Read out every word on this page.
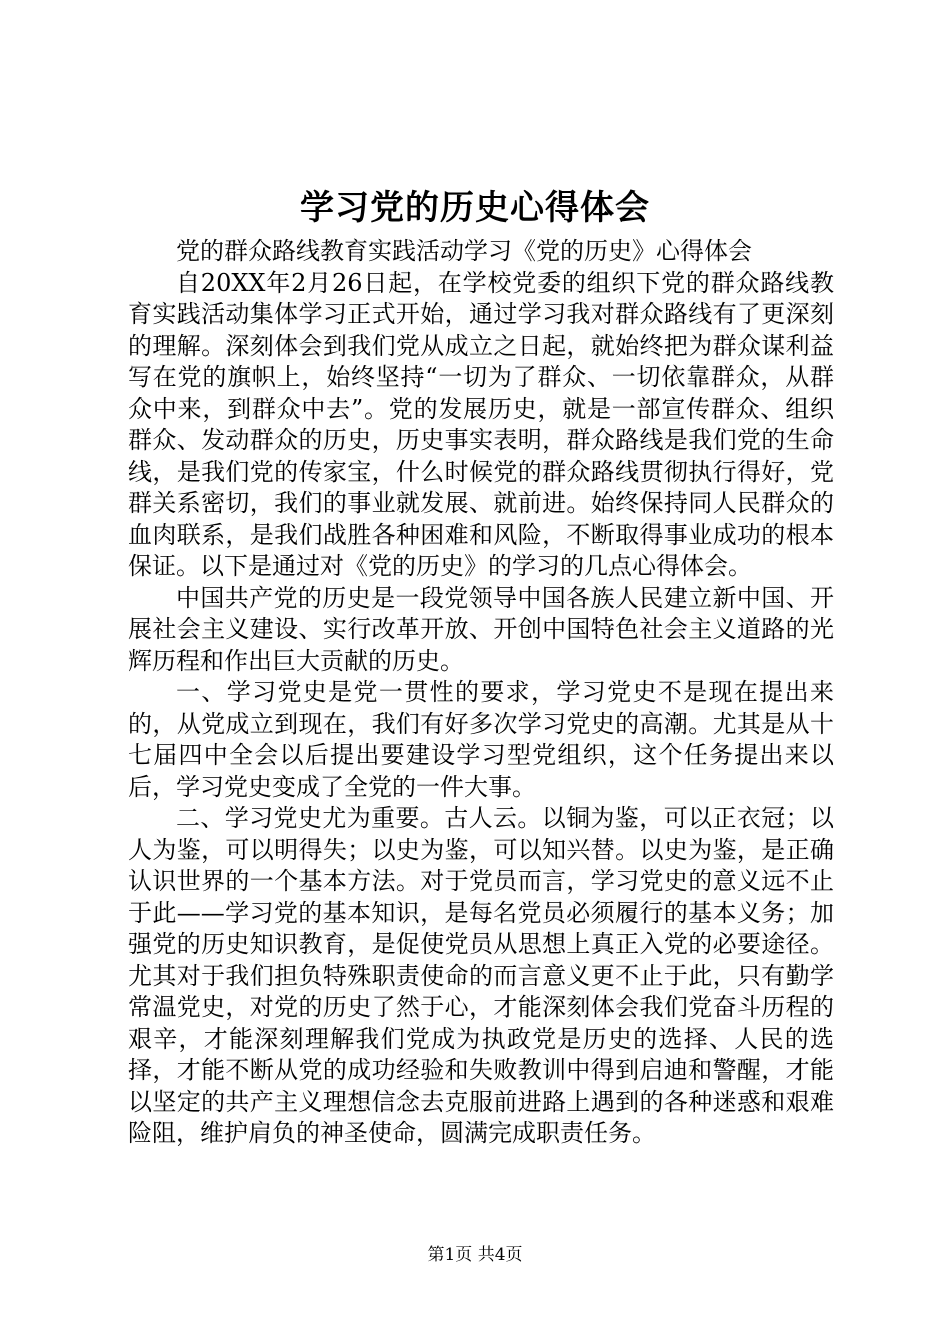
学习党的历史心得体会

党的群众路线教育实践活动学习《党的历史》心得体会

自20XX年2月26日起，在学校党委的组织下党的群众路线教育实践活动集体学习正式开始，通过学习我对群众路线有了更深刻的理解。深刻体会到我们党从成立之日起，就始终把为群众谋利益写在党的旗帜上，始终坚持“一切为了群众、一切依靠群众，从群众中来，到群众中去”。党的发展历史，就是一部宣传群众、组织群众、发动群众的历史，历史事实表明，群众路线是我们党的生命线，是我们党的传家宝，什么时候党的群众路线贯彻执行得好，党群关系密切，我们的事业就发展、就前进。始终保持同人民群众的血肉联系，是我们战胜各种困难和风险，不断取得事业成功的根本保证。以下是通过对《党的历史》的学习的几点心得体会。

中国共产党的历史是一段党领导中国各族人民建立新中国、开展社会主义建设、实行改革开放、开创中国特色社会主义道路的光辉历程和作出巨大贡献的历史。

一、学习党史是党一贯性的要求，学习党史不是现在提出来的，从党成立到现在，我们有好多次学习党史的高潮。尤其是从十七届四中全会以后提出要建设学习型党组织，这个任务提出来以后，学习党史变成了全党的一件大事。

二、学习党史尤为重要。古人云。以铜为鉴，可以正衣冠；以人为鉴，可以明得失；以史为鉴，可以知兴替。以史为鉴，是正确认识世界的一个基本方法。对于党员而言，学习党史的意义远不止于此——学习党的基本知识，是每名党员必须履行的基本义务；加强党的历史知识教育，是促使党员从思想上真正入党的必要途径。尤其对于我们担负特殊职责使命的而言意义更不止于此，只有勤学常温党史，对党的历史了然于心，才能深刻体会我们党奋斗历程的艰辛，才能深刻理解我们党成为执政党是历史的选择、人民的选择，才能不断从党的成功经验和失败教训中得到启迪和警醒，才能以坚定的共产主义理想信念去克服前进路上遇到的各种迷惑和艰难险阻，维护肩负的神圣使命，圆满完成职责任务。

第1页 共4页
